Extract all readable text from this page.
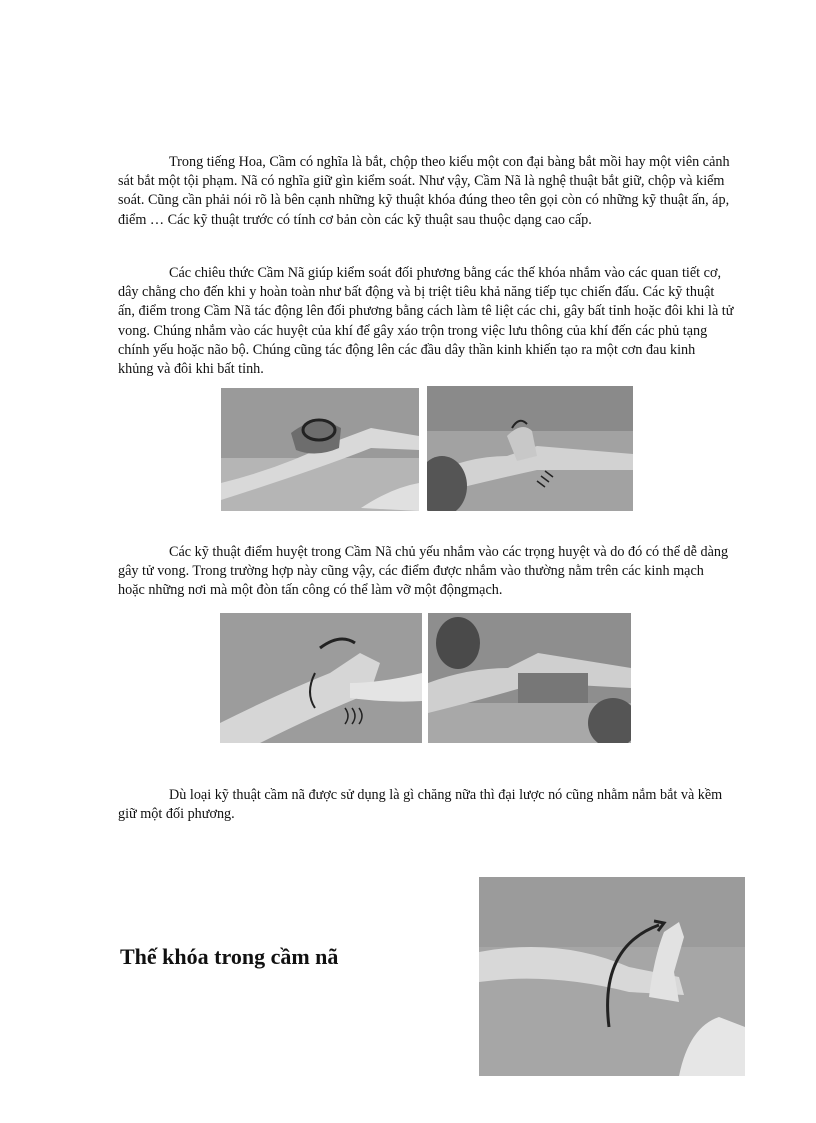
Trong tiếng Hoa, Cầm có nghĩa là bắt, chộp theo kiểu một con đại bàng bắt mồi hay một viên cảnh sát bắt một tội phạm. Nã có nghĩa giữ gìn kiểm soát. Như vậy, Cầm Nã là nghệ thuật bắt giữ, chộp và kiểm soát. Cũng cần phải nói rõ là bên cạnh những kỹ thuật khóa đúng theo tên gọi còn có những kỹ thuật ấn, áp, điểm … Các kỹ thuật trước có tính cơ bản còn các kỹ thuật sau thuộc dạng cao cấp.

Các chiêu thức Cầm Nã giúp kiểm soát đối phương bằng các thế khóa nhắm vào các quan tiết cơ, dây chằng cho đến khi y hoàn toàn như bất động và bị triệt tiêu khả năng tiếp tục chiến đấu. Các kỹ thuật ấn, điểm trong Cầm Nã tác động lên đối phương bằng cách làm tê liệt các chi, gây bất tỉnh hoặc đôi khi là tử vong. Chúng nhắm vào các huyệt của khí để gây xáo trộn trong việc lưu thông của khí đến các phủ tạng chính yếu hoặc não bộ. Chúng cũng tác động lên các đầu dây thần kinh khiến tạo ra một cơn đau kinh khủng và đôi khi bất tỉnh.

Các kỹ thuật điểm huyệt trong Cầm Nã chủ yếu nhắm vào các trọng huyệt và do đó có thể dễ dàng gây tử vong. Trong trường hợp này cũng vậy, các điểm được nhắm vào thường nằm trên các kinh mạch hoặc những nơi mà một đòn tấn công có thể làm vỡ một độngmạch.

Dù loại kỹ thuật cầm nã được sử dụng là gì chăng nữa thì đại lược nó cũng nhằm nắm bắt và kềm giữ một đối phương.

Thế khóa trong cầm nã
